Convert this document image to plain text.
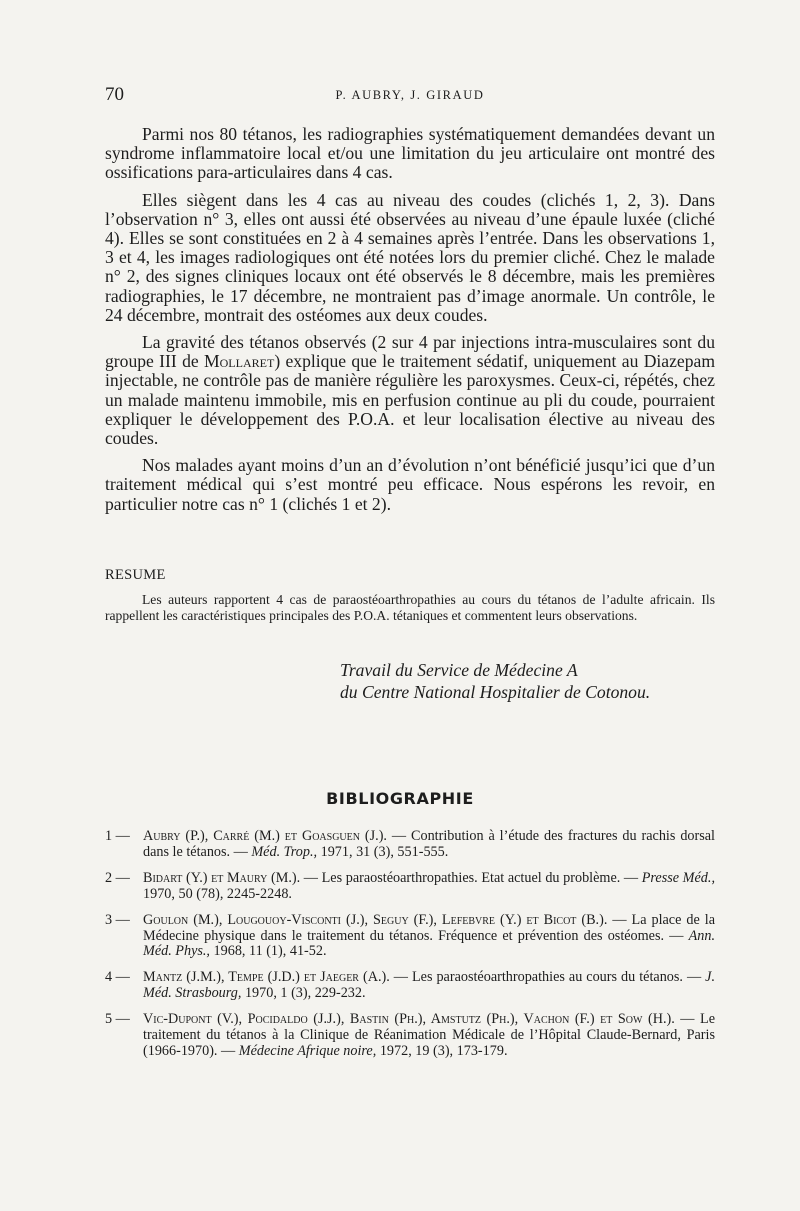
70	P. AUBRY, J. GIRAUD

Parmi nos 80 tétanos, les radiographies systématiquement demandées devant un syndrome inflammatoire local et/ou une limitation du jeu articulaire ont montré des ossifications para-articulaires dans 4 cas.

Elles siègent dans les 4 cas au niveau des coudes (clichés 1, 2, 3). Dans l’observation n° 3, elles ont aussi été observées au niveau d’une épaule luxée (cliché 4). Elles se sont constituées en 2 à 4 semaines après l’entrée. Dans les observations 1, 3 et 4, les images radiologiques ont été notées lors du premier cliché. Chez le malade n° 2, des signes cliniques locaux ont été observés le 8 décembre, mais les premières radiographies, le 17 décembre, ne montraient pas d’image anormale. Un contrôle, le 24 décembre, montrait des ostéomes aux deux coudes.

La gravité des tétanos observés (2 sur 4 par injections intra-musculaires sont du groupe III de Mollaret) explique que le traitement sédatif, uniquement au Diazepam injectable, ne contrôle pas de manière régulière les paroxysmes. Ceux-ci, répétés, chez un malade maintenu immobile, mis en perfusion continue au pli du coude, pourraient expliquer le développement des P.O.A. et leur localisation élective au niveau des coudes.

Nos malades ayant moins d’un an d’évolution n’ont bénéficié jusqu’ici que d’un traitement médical qui s’est montré peu efficace. Nous espérons les revoir, en particulier notre cas n° 1 (clichés 1 et 2).

RESUME

Les auteurs rapportent 4 cas de paraostéoarthropathies au cours du tétanos de l’adulte africain. Ils rappellent les caractéristiques principales des P.O.A. tétaniques et commentent leurs observations.

Travail du Service de Médecine A
du Centre National Hospitalier de Cotonou.
BIBLIOGRAPHIE
1 — Aubry (P.), Carré (M.) et Goasguen (J.). — Contribution à l’étude des fractures du rachis dorsal dans le tétanos. — Méd. Trop., 1971, 31 (3), 551-555.
2 — Bidart (Y.) et Maury (M.). — Les paraostéoarthropathies. Etat actuel du problème. — Presse Méd., 1970, 50 (78), 2245-2248.
3 — Goulon (M.), Lougouoy-Visconti (J.), Seguy (F.), Lefebvre (Y.) et Bicot (B.). — La place de la Médecine physique dans le traitement du tétanos. Fréquence et prévention des ostéomes. — Ann. Méd. Phys., 1968, 11 (1), 41-52.
4 — Mantz (J.M.), Tempe (J.D.) et Jaeger (A.). — Les paraostéoarthropathies au cours du tétanos. — J. Méd. Strasbourg, 1970, 1 (3), 229-232.
5 — Vic-Dupont (V.), Pocidaldo (J.J.), Bastin (Ph.), Amstutz (Ph.), Vachon (F.) et Sow (H.). — Le traitement du tétanos à la Clinique de Réanimation Médicale de l’Hôpital Claude-Bernard, Paris (1966-1970). — Médecine Afrique noire, 1972, 19 (3), 173-179.
